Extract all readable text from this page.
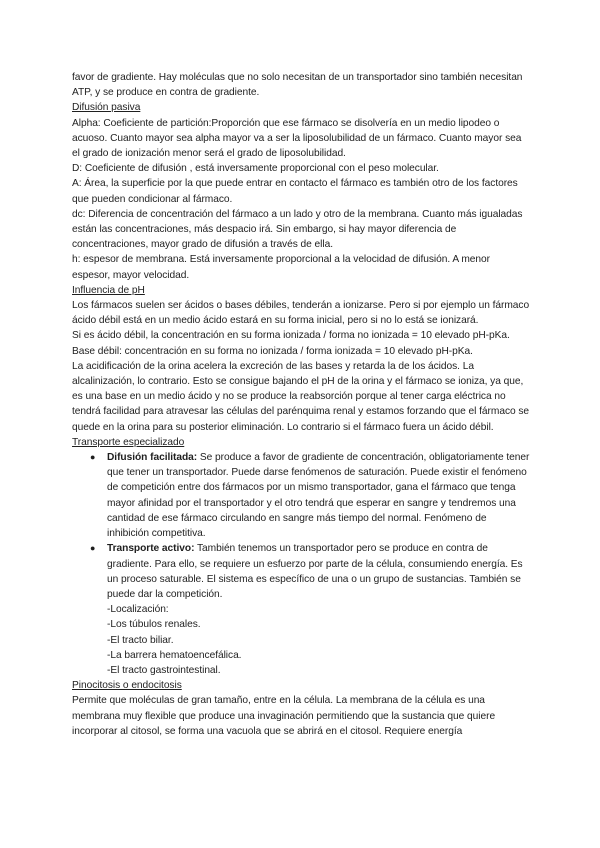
favor de gradiente. Hay moléculas que no solo necesitan de un transportador sino también necesitan ATP, y se produce en contra de gradiente.

Difusión pasiva

Alpha: Coeficiente de partición:Proporción que ese fármaco se disolvería en un medio lipodeo o acuoso. Cuanto mayor sea alpha mayor va a ser la liposolubilidad de un fármaco. Cuanto mayor sea el grado de ionización menor será el grado de liposolubilidad.

D: Coeficiente de difusión , está inversamente proporcional con el peso molecular.

A: Área, la superficie por la que puede entrar en contacto el fármaco es también otro de los factores que pueden condicionar al fármaco.

dc: Diferencia de concentración del fármaco a un lado y otro de la membrana. Cuanto más igualadas están las concentraciones, más despacio irá. Sin embargo, si hay mayor diferencia de concentraciones, mayor grado de difusión a través de ella.

h: espesor de membrana. Está inversamente proporcional a la velocidad de difusión. A menor espesor, mayor velocidad.

Influencia de pH

Los fármacos suelen ser ácidos o bases débiles, tenderán a ionizarse. Pero si por ejemplo un fármaco ácido débil está en un medio ácido estará en su forma inicial, pero si no lo está se ionizará.

Si es ácido débil, la concentración en su forma ionizada / forma no ionizada = 10 elevado pH-pKa.

Base débil: concentración en su forma no ionizada / forma ionizada = 10 elevado pH-pKa.

La acidificación de la orina acelera la excreción de las bases y retarda la de los ácidos. La alcalinización, lo contrario. Esto se consigue bajando el pH de la orina y el fármaco se ioniza, ya que, es una base en un medio ácido y no se produce la reabsorción porque al tener carga eléctrica no tendrá facilidad para atravesar las células del parénquima renal y estamos forzando que el fármaco se quede en la orina para su posterior eliminación. Lo contrario si el fármaco fuera un ácido débil.

Transporte especializado

● Difusión facilitada: Se produce a favor de gradiente de concentración, obligatoriamente tener que tener un transportador. Puede darse fenómenos de saturación. Puede existir el fenómeno de competición entre dos fármacos por un mismo transportador, gana el fármaco que tenga mayor afinidad por el transportador y el otro tendrá que esperar en sangre y tendremos una cantidad de ese fármaco circulando en sangre más tiempo del normal. Fenómeno de inhibición competitiva.
● Transporte activo: También tenemos un transportador pero se produce en contra de gradiente. Para ello, se requiere un esfuerzo por parte de la célula, consumiendo energía. Es un proceso saturable. El sistema es específico de una o un grupo de sustancias. También se puede dar la competición.
-Localización:
-Los túbulos renales.
-El tracto biliar.
-La barrera hematoencefálica.
-El tracto gastrointestinal.

Pinocitosis o endocitosis

Permite que moléculas de gran tamaño, entre en la célula. La membrana de la célula es una membrana muy flexible que produce una invaginación permitiendo que la sustancia que quiere incorporar al citosol, se forma una vacuola que se abrirá en el citosol. Requiere energía
